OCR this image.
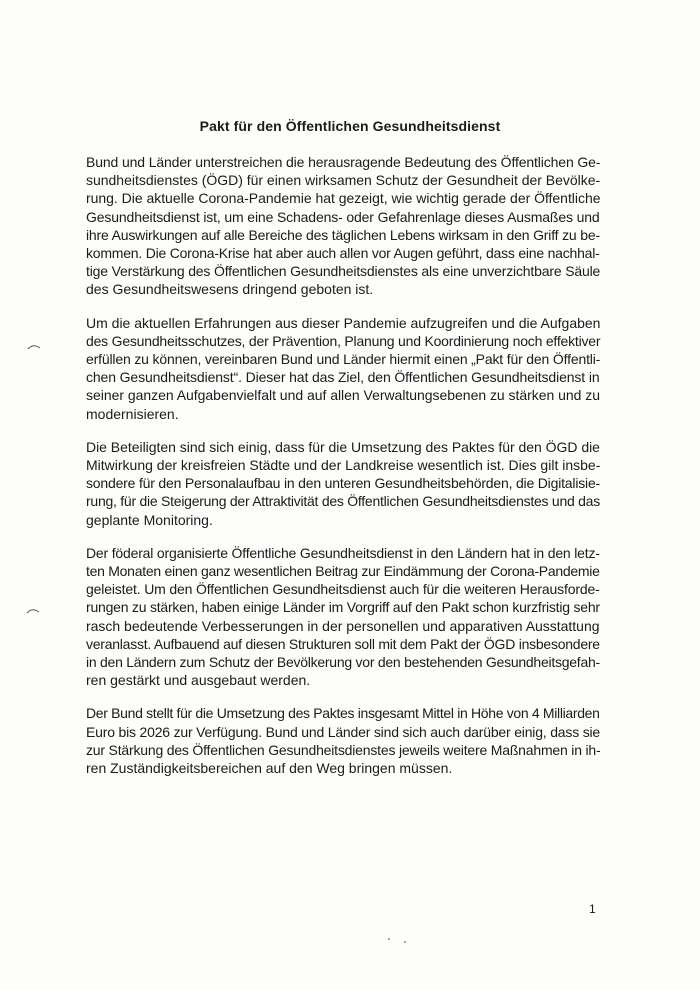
Pakt für den Öffentlichen Gesundheitsdienst

Bund und Länder unterstreichen die herausragende Bedeutung des Öffentlichen Ge-
sundheitsdienstes (ÖGD) für einen wirksamen Schutz der Gesundheit der Bevölke-
rung. Die aktuelle Corona-Pandemie hat gezeigt, wie wichtig gerade der Öffentliche
Gesundheitsdienst ist, um eine Schadens- oder Gefahrenlage dieses Ausmaßes und
ihre Auswirkungen auf alle Bereiche des täglichen Lebens wirksam in den Griff zu be-
kommen. Die Corona-Krise hat aber auch allen vor Augen geführt, dass eine nachhal-
tige Verstärkung des Öffentlichen Gesundheitsdienstes als eine unverzichtbare Säule
des Gesundheitswesens dringend geboten ist.

Um die aktuellen Erfahrungen aus dieser Pandemie aufzugreifen und die Aufgaben
des Gesundheitsschutzes, der Prävention, Planung und Koordinierung noch effektiver
erfüllen zu können, vereinbaren Bund und Länder hiermit einen „Pakt für den Öffentli-
chen Gesundheitsdienst“. Dieser hat das Ziel, den Öffentlichen Gesundheitsdienst in
seiner ganzen Aufgabenvielfalt und auf allen Verwaltungsebenen zu stärken und zu
modernisieren.

Die Beteiligten sind sich einig, dass für die Umsetzung des Paktes für den ÖGD die
Mitwirkung der kreisfreien Städte und der Landkreise wesentlich ist. Dies gilt insbe-
sondere für den Personalaufbau in den unteren Gesundheitsbehörden, die Digitalisie-
rung, für die Steigerung der Attraktivität des Öffentlichen Gesundheitsdienstes und das
geplante Monitoring.

Der föderal organisierte Öffentliche Gesundheitsdienst in den Ländern hat in den letz-
ten Monaten einen ganz wesentlichen Beitrag zur Eindämmung der Corona-Pandemie
geleistet. Um den Öffentlichen Gesundheitsdienst auch für die weiteren Herausforde-
rungen zu stärken, haben einige Länder im Vorgriff auf den Pakt schon kurzfristig sehr
rasch bedeutende Verbesserungen in der personellen und apparativen Ausstattung
veranlasst. Aufbauend auf diesen Strukturen soll mit dem Pakt der ÖGD insbesondere
in den Ländern zum Schutz der Bevölkerung vor den bestehenden Gesundheitsgefah-
ren gestärkt und ausgebaut werden.

Der Bund stellt für die Umsetzung des Paktes insgesamt Mittel in Höhe von 4 Milliarden
Euro bis 2026 zur Verfügung. Bund und Länder sind sich auch darüber einig, dass sie
zur Stärkung des Öffentlichen Gesundheitsdienstes jeweils weitere Maßnahmen in ih-
ren Zuständigkeitsbereichen auf den Weg bringen müssen.

1
